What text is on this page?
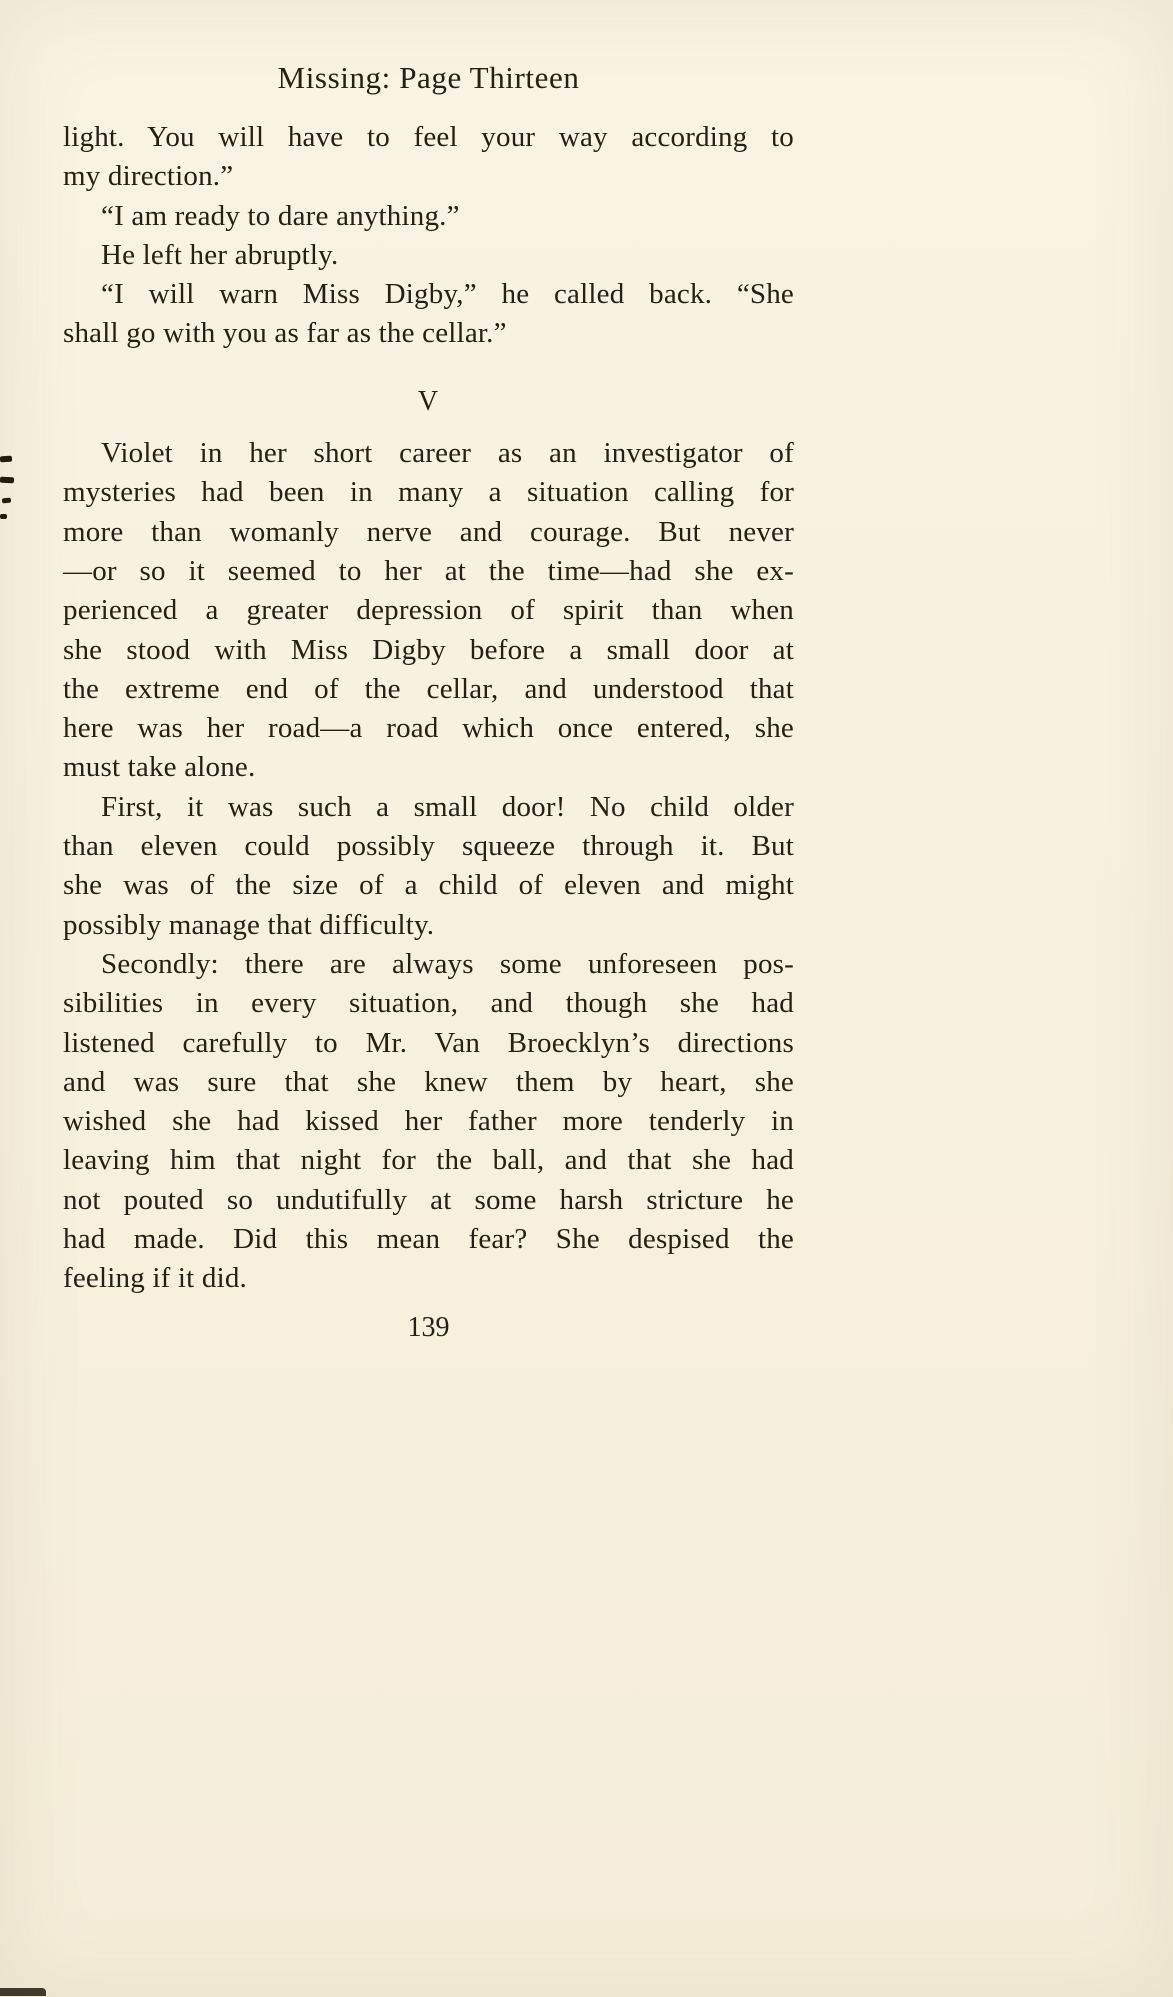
Missing: Page Thirteen
light. You will have to feel your way according to
my direction.”
“I am ready to dare anything.”
He left her abruptly.
“I will warn Miss Digby,” he called back. “She
shall go with you as far as the cellar.”
V
Violet in her short career as an investigator of
mysteries had been in many a situation calling for
more than womanly nerve and courage. But never
—or so it seemed to her at the time—had she ex-
perienced a greater depression of spirit than when
she stood with Miss Digby before a small door at
the extreme end of the cellar, and understood that
here was her road—a road which once entered, she
must take alone.
First, it was such a small door! No child older
than eleven could possibly squeeze through it. But
she was of the size of a child of eleven and might
possibly manage that difficulty.
Secondly: there are always some unforeseen pos-
sibilities in every situation, and though she had
listened carefully to Mr. Van Broecklyn’s directions
and was sure that she knew them by heart, she
wished she had kissed her father more tenderly in
leaving him that night for the ball, and that she had
not pouted so undutifully at some harsh stricture he
had made. Did this mean fear? She despised the
feeling if it did.
139
